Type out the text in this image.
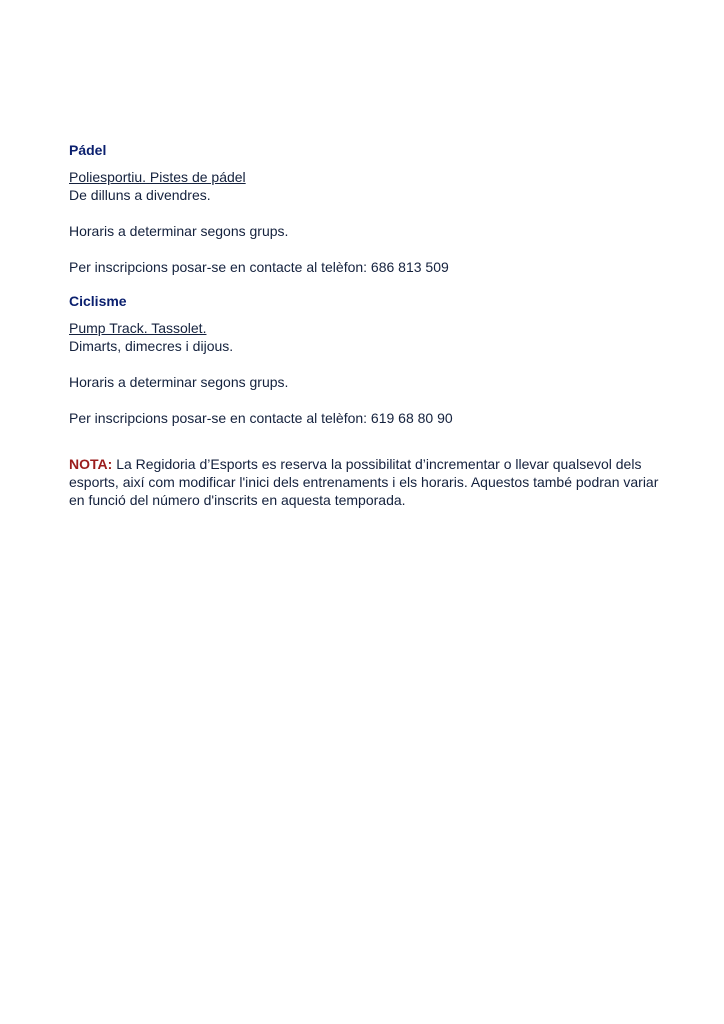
Pádel

Poliesportiu. Pistes de pádel

De dilluns a divendres.

Horaris a determinar segons grups.

Per inscripcions posar-se en contacte al telèfon: 686 813 509

Ciclisme

Pump Track. Tassolet.

Dimarts, dimecres i dijous.

Horaris a determinar segons grups.

Per inscripcions posar-se en contacte al telèfon: 619 68 80 90

NOTA: La Regidoria d’Esports es reserva la possibilitat d’incrementar o llevar qualsevol dels esports, així com modificar l'inici dels entrenaments i els horaris. Aquestos també podran variar en funció del número d'inscrits en aquesta temporada.
